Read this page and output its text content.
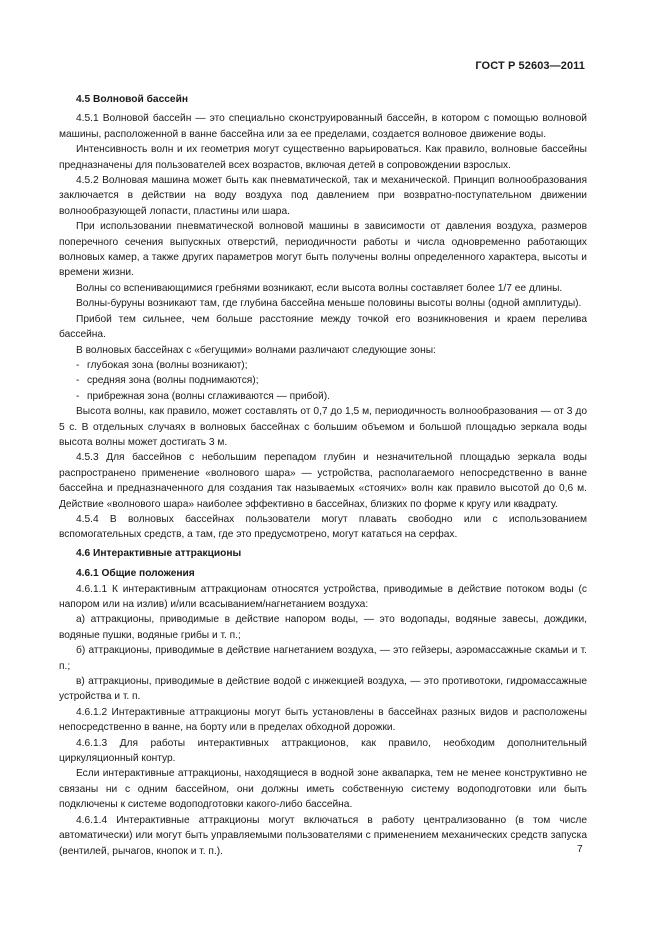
ГОСТ Р 52603—2011
4.5 Волновой бассейн

4.5.1 Волновой бассейн — это специально сконструированный бассейн, в котором с помощью волновой машины, расположенной в ванне бассейна или за ее пределами, создается волновое движение воды.

Интенсивность волн и их геометрия могут существенно варьироваться. Как правило, волновые бассейны предназначены для пользователей всех возрастов, включая детей в сопровождении взрослых.

4.5.2 Волновая машина может быть как пневматической, так и механической. Принцип волнообразования заключается в действии на воду воздуха под давлением при возвратно-поступательном движении волнообразующей лопасти, пластины или шара.

При использовании пневматической волновой машины в зависимости от давления воздуха, размеров поперечного сечения выпускных отверстий, периодичности работы и числа одновременно работающих волновых камер, а также других параметров могут быть получены волны определенного характера, высоты и времени жизни.

Волны со вспенивающимися гребнями возникают, если высота волны составляет более 1/7 ее длины.

Волны-буруны возникают там, где глубина бассейна меньше половины высоты волны (одной амплитуды).

Прибой тем сильнее, чем больше расстояние между точкой его возникновения и краем перелива бассейна.

В волновых бассейнах с «бегущими» волнами различают следующие зоны:

- глубокая зона (волны возникают);
- средняя зона (волны поднимаются);
- прибрежная зона (волны сглаживаются — прибой).

Высота волны, как правило, может составлять от 0,7 до 1,5 м, периодичность волнообразования — от 3 до 5 с. В отдельных случаях в волновых бассейнах с большим объемом и большой площадью зеркала воды высота волны может достигать 3 м.

4.5.3 Для бассейнов с небольшим перепадом глубин и незначительной площадью зеркала воды распространено применение «волнового шара» — устройства, располагаемого непосредственно в ванне бассейна и предназначенного для создания так называемых «стоячих» волн как правило высотой до 0,6 м. Действие «волнового шара» наиболее эффективно в бассейнах, близких по форме к кругу или квадрату.

4.5.4 В волновых бассейнах пользователи могут плавать свободно или с использованием вспомогательных средств, а там, где это предусмотрено, могут кататься на серфах.

4.6 Интерактивные аттракционы
4.6.1 Общие положения

4.6.1.1 К интерактивным аттракционам относятся устройства, приводимые в действие потоком воды (с напором или на излив) и/или всасыванием/нагнетанием воздуха:

а) аттракционы, приводимые в действие напором воды, — это водопады, водяные завесы, дождики, водяные пушки, водяные грибы и т. п.;

б) аттракционы, приводимые в действие нагнетанием воздуха, — это гейзеры, аэромассажные скамьи и т. п.;

в) аттракционы, приводимые в действие водой с инжекцией воздуха, — это противотоки, гидромассажные устройства и т. п.

4.6.1.2 Интерактивные аттракционы могут быть установлены в бассейнах разных видов и расположены непосредственно в ванне, на борту или в пределах обходной дорожки.

4.6.1.3 Для работы интерактивных аттракционов, как правило, необходим дополнительный циркуляционный контур.

Если интерактивные аттракционы, находящиеся в водной зоне аквапарка, тем не менее конструктивно не связаны ни с одним бассейном, они должны иметь собственную систему водоподготовки или быть подключены к системе водоподготовки какого-либо бассейна.

4.6.1.4 Интерактивные аттракционы могут включаться в работу централизованно (в том числе автоматически) или могут быть управляемыми пользователями с применением механических средств запуска (вентилей, рычагов, кнопок и т. п.).	7
